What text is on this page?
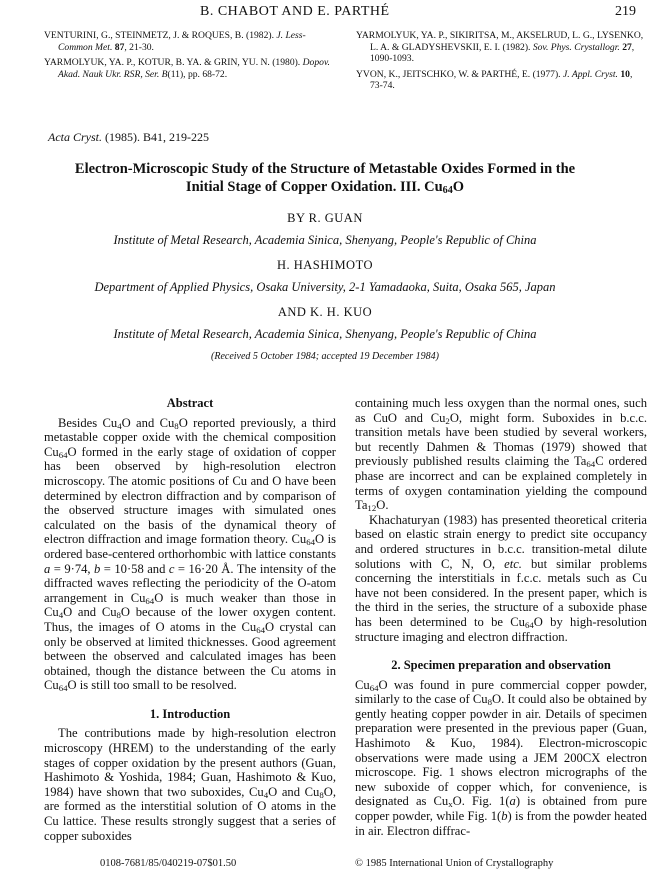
B. CHABOT AND E. PARTHÉ	219
VENTURINI, G., STEINMETZ, J. & ROQUES, B. (1982). J. Less-Common Met. 87, 21-30.
YARMOLYUK, YA. P., KOTUR, B. YA. & GRIN, YU. N. (1980). Dopov. Akad. Nauk Ukr. RSR, Ser. B(11), pp. 68-72.
YARMOLYUK, YA. P., SIKIRITSA, M., AKSELRUD, L. G., LYSENKO, L. A. & GLADYSHEVSKII, E. I. (1982). Sov. Phys. Crystallogr. 27, 1090-1093.
YVON, K., JEITSCHKO, W. & PARTHÉ, E. (1977). J. Appl. Cryst. 10, 73-74.
Acta Cryst. (1985). B41, 219-225
Electron-Microscopic Study of the Structure of Metastable Oxides Formed in the
Initial Stage of Copper Oxidation. III. $Cu_{64}O$
BY R. GUAN
Institute of Metal Research, Academia Sinica, Shenyang, People's Republic of China
H. HASHIMOTO
Department of Applied Physics, Osaka University, 2-1 Yamadaoka, Suita, Osaka 565, Japan
AND K. H. KUO
Institute of Metal Research, Academia Sinica, Shenyang, People's Republic of China
(Received 5 October 1984; accepted 19 December 1984)
Abstract

Besides $Cu_4O$ and $Cu_8O$ reported previously, a third metastable copper oxide with the chemical composition $Cu_{64}O$ formed in the early stage of oxidation of copper has been observed by high-resolution electron microscopy. The atomic positions of Cu and O have been determined by electron diffraction and by comparison of the observed structure images with simulated ones calculated on the basis of the dynamical theory of electron diffraction and image formation theory. $Cu_{64}O$ is ordered base-centered orthorhombic with lattice constants a = 9·74, b = 10·58 and c = 16·20 Å. The intensity of the diffracted waves reflecting the periodicity of the O-atom arrangement in $Cu_{64}O$ is much weaker than those in $Cu_4O$ and $Cu_8O$ because of the lower oxygen content. Thus, the images of O atoms in the $Cu_{64}O$ crystal can only be observed at limited thicknesses. Good agreement between the observed and calculated images has been obtained, though the distance between the Cu atoms in $Cu_{64}O$ is still too small to be resolved.

1. Introduction

The contributions made by high-resolution electron microscopy (HREM) to the understanding of the early stages of copper oxidation by the present authors (Guan, Hashimoto & Yoshida, 1984; Guan, Hashimoto & Kuo, 1984) have shown that two suboxides, $Cu_4O$ and $Cu_8O$, are formed as the interstitial solution of O atoms in the Cu lattice. These results strongly suggest that a series of copper suboxides

containing much less oxygen than the normal ones, such as CuO and $Cu_2O$, might form. Suboxides in b.c.c. transition metals have been studied by several workers, but recently Dahmen & Thomas (1979) showed that previously published results claiming the $Ta_{64}C$ ordered phase are incorrect and can be explained completely in terms of oxygen contamination yielding the compound $Ta_{12}O$.

Khachaturyan (1983) has presented theoretical criteria based on elastic strain energy to predict site occupancy and ordered structures in b.c.c. transition-metal dilute solutions with C, N, O, etc. but similar problems concerning the interstitials in f.c.c. metals such as Cu have not been considered. In the present paper, which is the third in the series, the structure of a suboxide phase has been determined to be $Cu_{64}O$ by high-resolution structure imaging and electron diffraction.

2. Specimen preparation and observation

$Cu_{64}O$ was found in pure commercial copper powder, similarly to the case of $Cu_8O$. It could also be obtained by gently heating copper powder in air. Details of specimen preparation were presented in the previous paper (Guan, Hashimoto & Kuo, 1984). Electron-microscopic observations were made using a JEM 200CX electron microscope. Fig. 1 shows electron micrographs of the new suboxide of copper which, for convenience, is designated as $Cu_xO$. Fig. 1(a) is obtained from pure copper powder, while Fig. 1(b) is from the powder heated in air. Electron diffrac-

0108-7681/85/040219-07$01.50	© 1985 International Union of Crystallography
